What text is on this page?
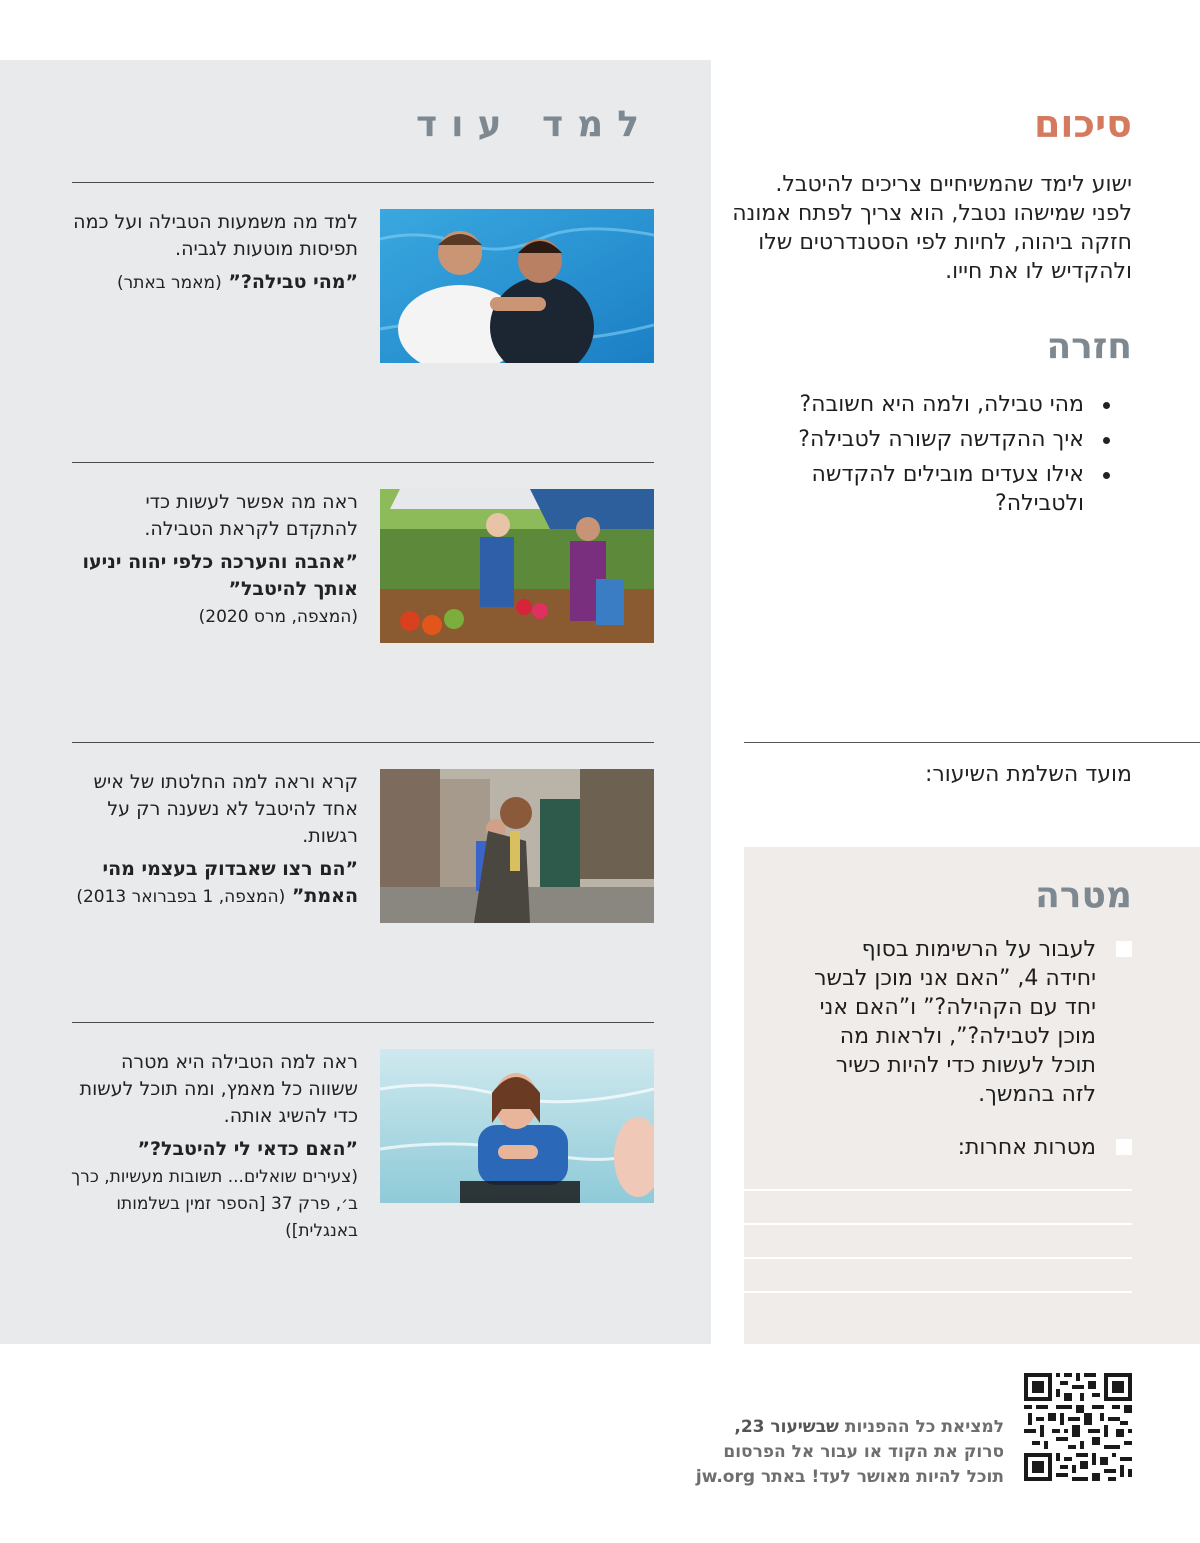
סיכום

ישוע לימד שהמשיחיים צריכים להיטבל. לפני שמישהו נטבל, הוא צריך לפתח אמונה חזקה ביהוה, לחיות לפי הסטנדרטים שלו ולהקדיש לו את חייו.

חזרה
מהי טבילה, ולמה היא חשובה?
איך ההקדשה קשורה לטבילה?
אילו צעדים מובילים להקדשה ולטבילה?
מועד השלמת השיעור:
מטרה
לעבור על הרשימות בסוף יחידה 4, ”האם אני מוכן לבשר יחד עם הקהילה?” ו”האם אני מוכן לטבילה?”, ולראות מה תוכל לעשות כדי להיות כשיר לזה בהמשך.
מטרות אחרות:
למד עוד
למד מה משמעות הטבילה ועל כמה תפיסות מוטעות לגביה.
”מהי טבילה?” (מאמר באתר)
ראה מה אפשר לעשות כדי להתקדם לקראת הטבילה.
”אהבה והערכה כלפי יהוה יניעו אותך להיטבל”
(המצפה, מרס 2020)
קרא וראה למה החלטתו של איש אחד להיטבל לא נשענה רק על רגשות.
”הם רצו שאבדוק בעצמי מהי האמת” (המצפה, 1 בפברואר 2013)
ראה למה הטבילה היא מטרה ששווה כל מאמץ, ומה תוכל לעשות כדי להשיג אותה.
”האם כדאי לי להיטבל?”
(צעירים שואלים... תשובות מעשיות, כרך ב׳, פרק 37 [הספר זמין בשלמותו באנגלית])
למציאת כל ההפניות שבשיעור 23,
סרוק את הקוד או עבור אל הפרסום
תוכל להיות מאושר לעד! באתר jw.org
